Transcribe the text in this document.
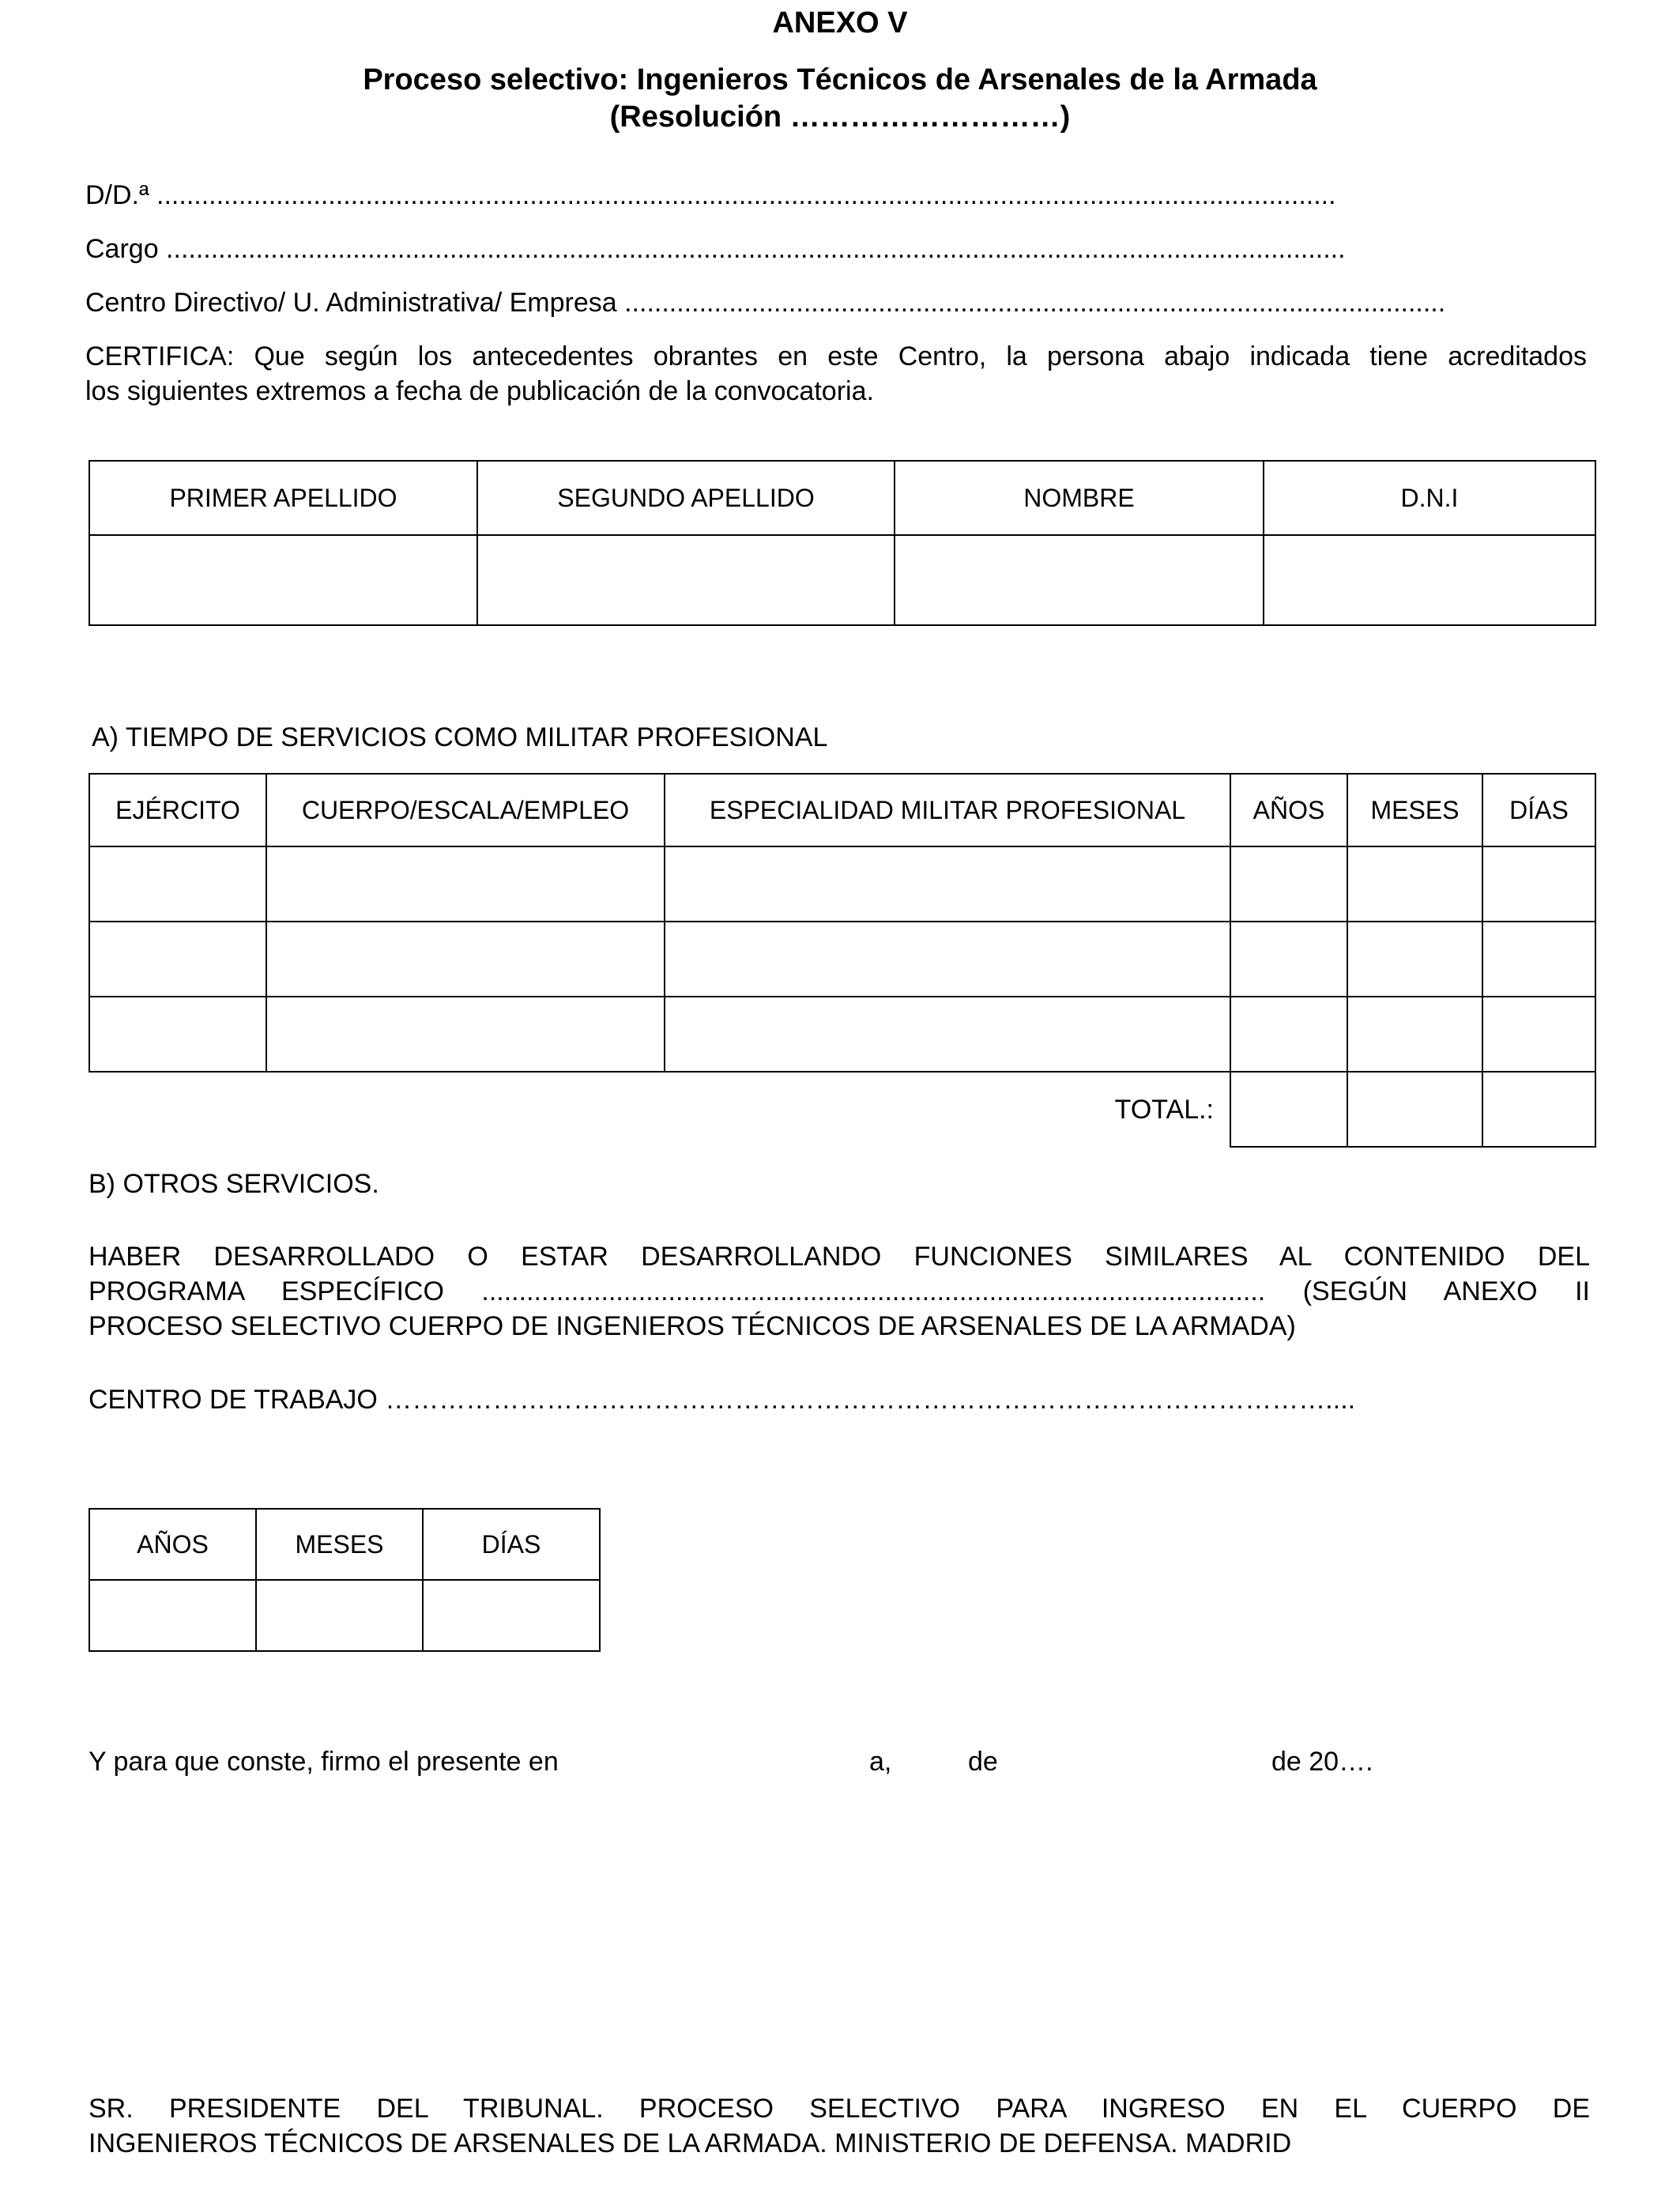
ANEXO V
Proceso selectivo: Ingenieros Técnicos de Arsenales de la Armada
(Resolución ………………………)
D/D.ª ..............................................................................................................................................................
Cargo ..............................................................................................................................................................
Centro Directivo/ U. Administrativa/ Empresa ..............................................................................................................
CERTIFICA: Que según los antecedentes obrantes en este Centro, la persona abajo indicada tiene acreditados
los siguientes extremos a fecha de publicación de la convocatoria.
PRIMER APELLIDO	SEGUNDO APELLIDO	NOMBRE	D.N.I

A) TIEMPO DE SERVICIOS COMO MILITAR PROFESIONAL
EJÉRCITO	CUERPO/ESCALA/EMPLEO	ESPECIALIDAD MILITAR PROFESIONAL	AÑOS	MESES	DÍAS

		TOTAL.:			
B) OTROS SERVICIOS.
HABER DESARROLLADO O ESTAR DESARROLLANDO FUNCIONES SIMILARES AL CONTENIDO DEL
PROGRAMA ESPECÍFICO ......................................................................................................... (SEGÚN ANEXO II
PROCESO SELECTIVO CUERPO DE INGENIEROS TÉCNICOS DE ARSENALES DE LA ARMADA)
CENTRO DE TRABAJO ……………………………………………………………………………………………....
AÑOS	MESES	DÍAS

Y para que conste, firmo el presente en	a,	de	de 20….
SR. PRESIDENTE DEL TRIBUNAL. PROCESO SELECTIVO PARA INGRESO EN EL CUERPO DE
INGENIEROS TÉCNICOS DE ARSENALES DE LA ARMADA. MINISTERIO DE DEFENSA. MADRID
